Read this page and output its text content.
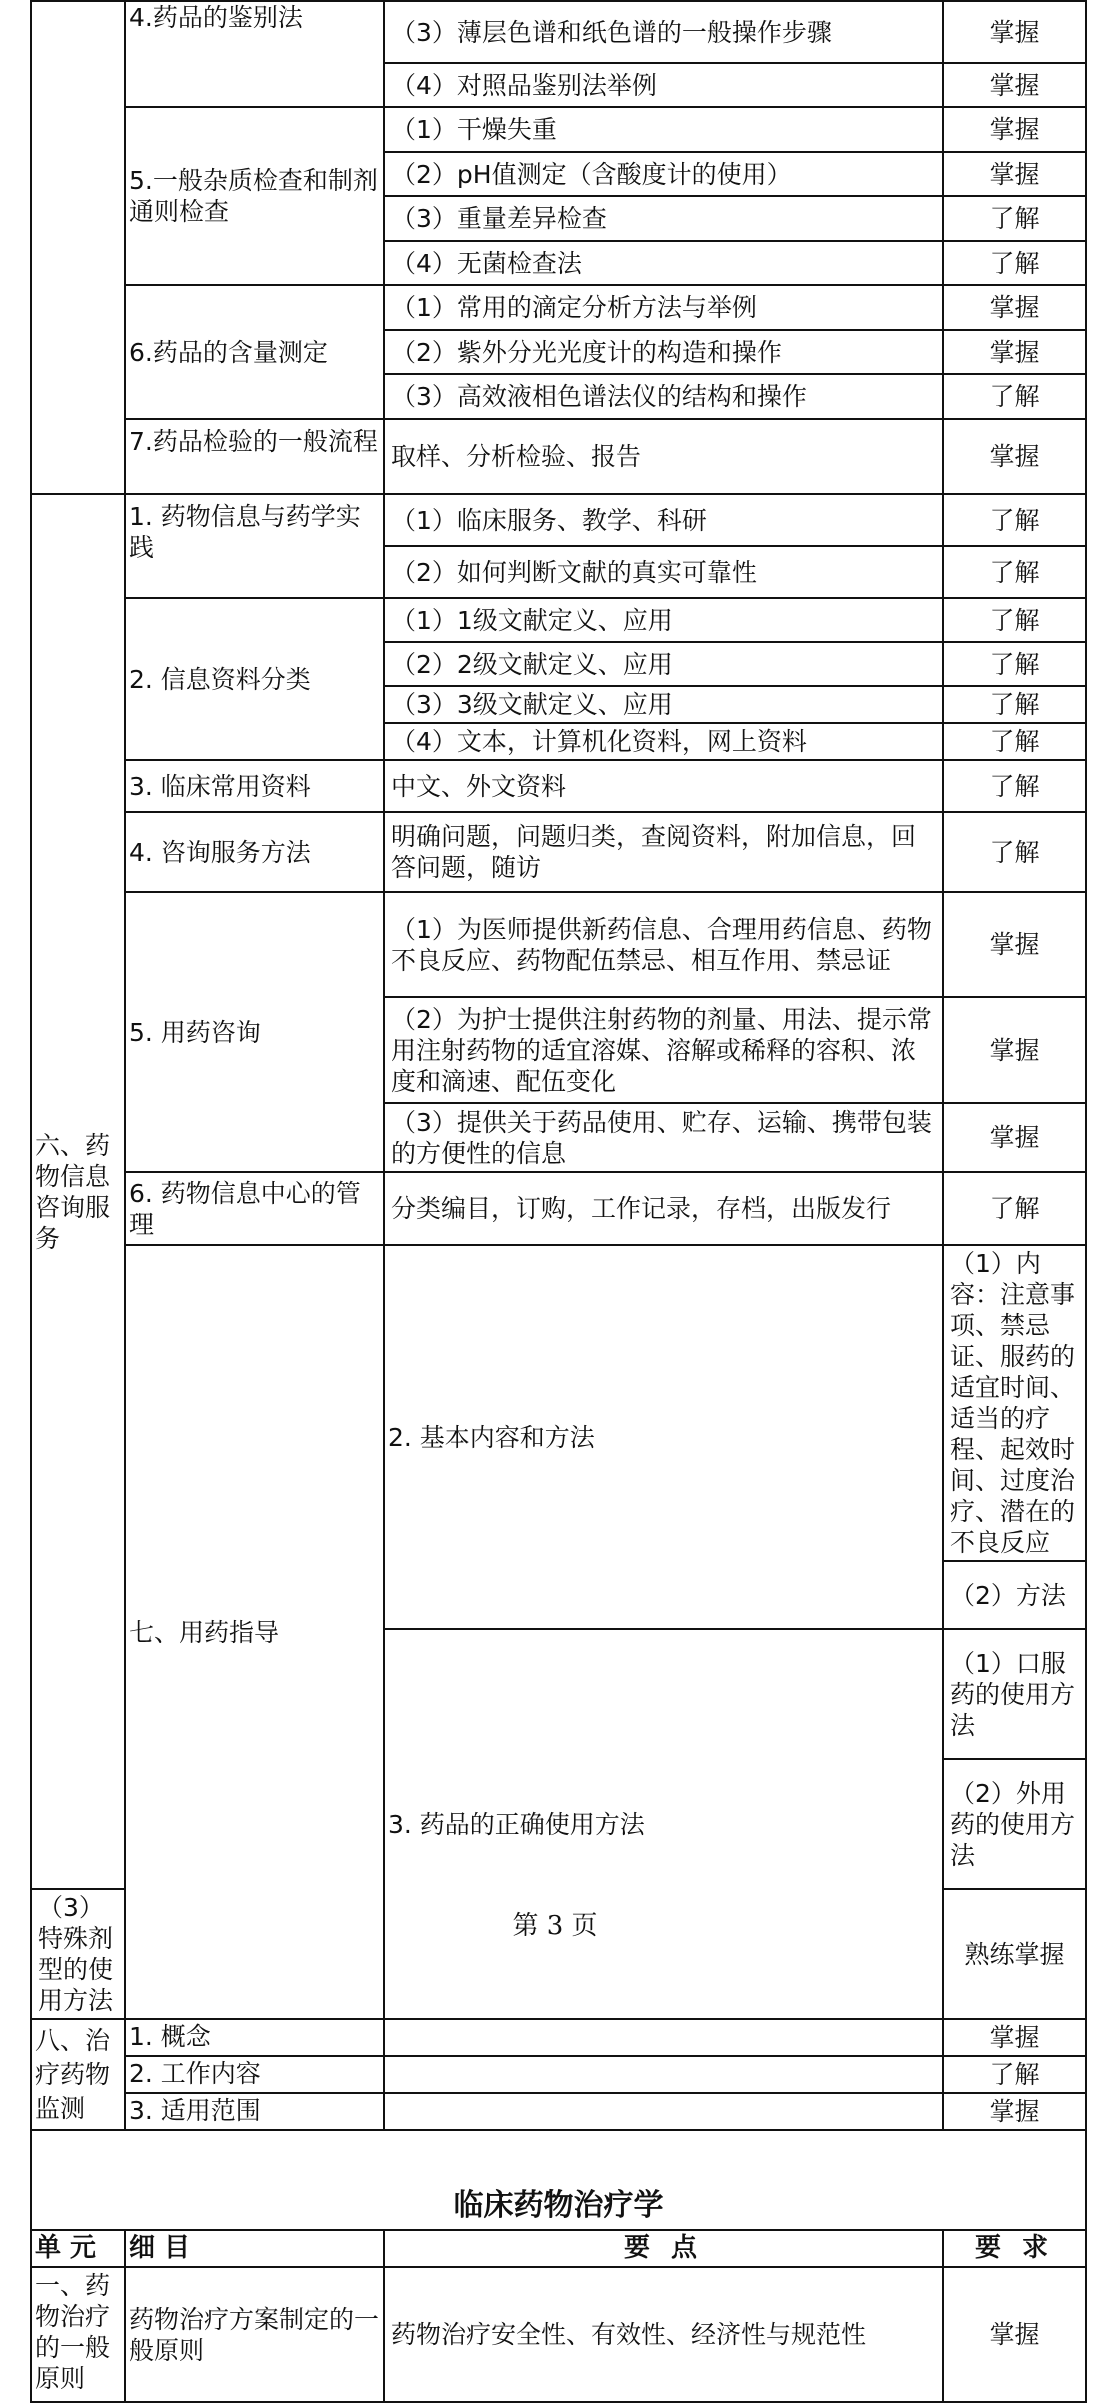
	4.药品的鉴别法	（3）薄层色谱和纸色谱的一般操作步骤	掌握	
		（4）对照品鉴别法举例	掌握	
	5.一般杂质检查和制剂通则检查	（1）干燥失重	掌握	
		（2）pH值测定（含酸度计的使用）	掌握	
		（3）重量差异检查	了解	
		（4）无菌检查法	了解	
	6.药品的含量测定	（1）常用的滴定分析方法与举例	掌握	
		（2）紫外分光光度计的构造和操作	掌握	
		（3）高效液相色谱法仪的结构和操作	了解	
	7.药品检验的一般流程	取样、分析检验、报告	掌握	
六、药物信息咨询服务	1. 药物信息与药学实践	（1）临床服务、教学、科研	了解	
		（2）如何判断文献的真实可靠性	了解	
	2. 信息资料分类	（1）1级文献定义、应用	了解	
		（2）2级文献定义、应用	了解	
		（3）3级文献定义、应用	了解	
		（4）文本，计算机化资料，网上资料	了解	
	3. 临床常用资料	中文、外文资料	了解	
	4. 咨询服务方法	明确问题，问题归类，查阅资料，附加信息，回答问题，随访	了解	
	5. 用药咨询	（1）为医师提供新药信息、合理用药信息、药物不良反应、药物配伍禁忌、相互作用、禁忌证	掌握	
		（2）为护士提供注射药物的剂量、用法、提示常用注射药物的适宜溶媒、溶解或稀释的容积、浓度和滴速、配伍变化	掌握	
		（3）提供关于药品使用、贮存、运输、携带包装的方便性的信息	掌握	
	6. 药物信息中心的管理	分类编目，订购，工作记录，存档，出版发行	了解	
	七、用药指导	2. 基本内容和方法	（1）内容：注意事项、禁忌证、服药的适宜时间、适当的疗程、起效时间、过度治疗、潜在的不良反应	
			（2）方法	
		3. 药品的正确使用方法	（1）口服药的使用方法	
			（2）外用药的使用方法	
（3）特殊剂型的使用方法			熟练掌握	
八、治疗药物监测	1. 概念		掌握	
	2. 工作内容		了解	
	3. 适用范围		掌握	
临床药物治疗学				
单 元	细 目	要 点	要 求	
一、药物治疗的一般原则	药物治疗方案制定的一般原则	药物治疗安全性、有效性、经济性与规范性	掌握	
第 3 页
